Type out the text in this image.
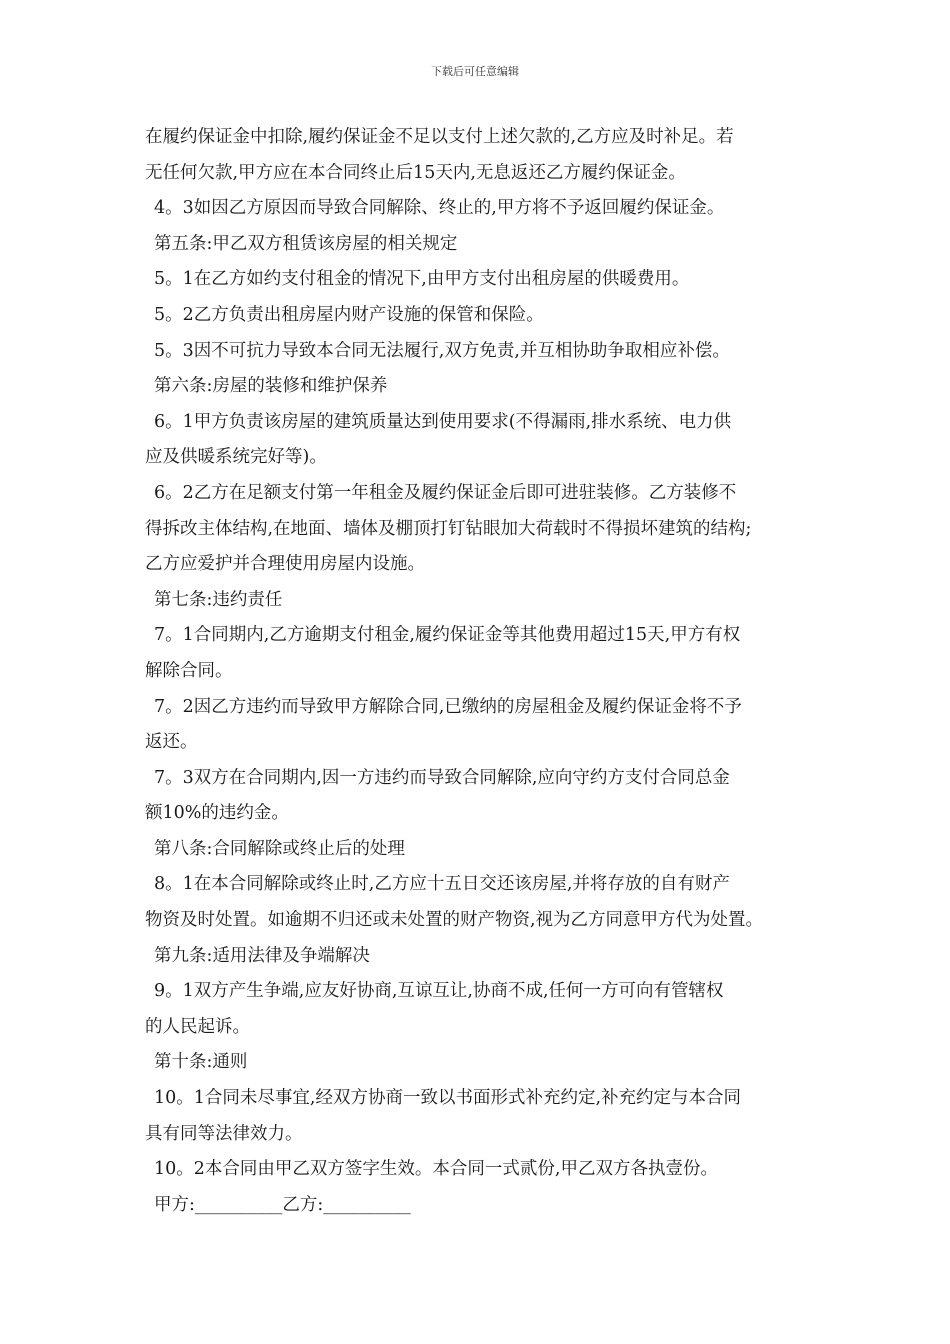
下载后可任意编辑
在履约保证金中扣除,履约保证金不足以支付上述欠款的,乙方应及时补足。若
无任何欠款,甲方应在本合同终止后15天内,无息返还乙方履约保证金。
4。3如因乙方原因而导致合同解除、终止的,甲方将不予返回履约保证金。
第五条:甲乙双方租赁该房屋的相关规定
5。1在乙方如约支付租金的情况下,由甲方支付出租房屋的供暖费用。
5。2乙方负责出租房屋内财产设施的保管和保险。
5。3因不可抗力导致本合同无法履行,双方免责,并互相协助争取相应补偿。
第六条:房屋的装修和维护保养
6。1甲方负责该房屋的建筑质量达到使用要求(不得漏雨,排水系统、电力供
应及供暖系统完好等)。
6。2乙方在足额支付第一年租金及履约保证金后即可进驻装修。乙方装修不
得拆改主体结构,在地面、墙体及棚顶打钉钻眼加大荷载时不得损坏建筑的结构;
乙方应爱护并合理使用房屋内设施。
第七条:违约责任
7。1合同期内,乙方逾期支付租金,履约保证金等其他费用超过15天,甲方有权
解除合同。
7。2因乙方违约而导致甲方解除合同,已缴纳的房屋租金及履约保证金将不予
返还。
7。3双方在合同期内,因一方违约而导致合同解除,应向守约方支付合同总金
额10%的违约金。
第八条:合同解除或终止后的处理
8。1在本合同解除或终止时,乙方应十五日交还该房屋,并将存放的自有财产
物资及时处置。如逾期不归还或未处置的财产物资,视为乙方同意甲方代为处置。
第九条:适用法律及争端解决
9。1双方产生争端,应友好协商,互谅互让,协商不成,任何一方可向有管辖权
的人民起诉。
第十条:通则
10。1合同未尽事宜,经双方协商一致以书面形式补充约定,补充约定与本合同
具有同等法律效力。
10。2本合同由甲乙双方签字生效。本合同一式贰份,甲乙双方各执壹份。
甲方:__________乙方:__________
